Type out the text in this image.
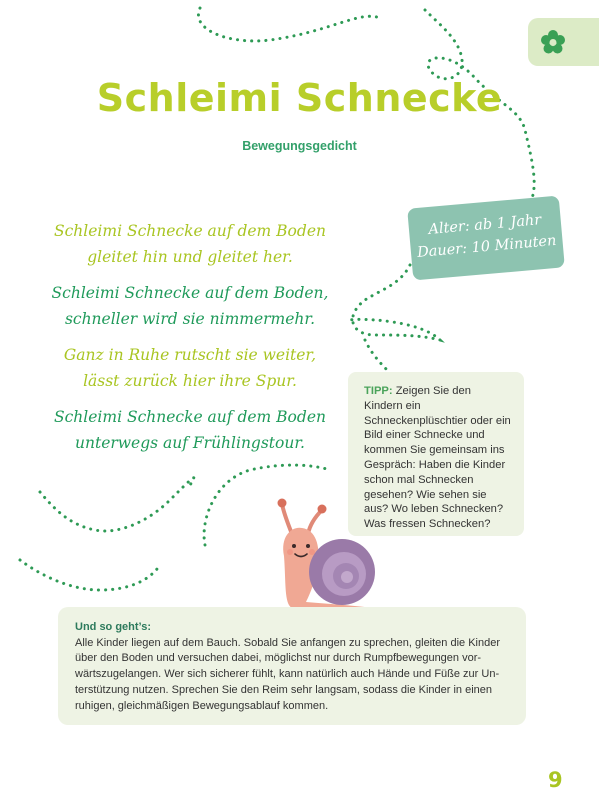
Schleimi Schnecke
Bewegungsgedicht
Schleimi Schnecke auf dem Boden
gleitet hin und gleitet her.
Schleimi Schnecke auf dem Boden,
schneller wird sie nimmermehr.
Ganz in Ruhe rutscht sie weiter,
lässt zurück hier ihre Spur.
Schleimi Schnecke auf dem Boden
unterwegs auf Frühlingstour.
Alter: ab 1 Jahr
Dauer: 10 Minuten
TIPP: Zeigen Sie den Kindern ein Schneckenplüschtier oder ein Bild einer Schnecke und kommen Sie gemeinsam ins Gespräch: Haben die Kinder schon mal Schnecken gesehen? Wie sehen sie aus? Wo leben Schnecken? Was fressen Schnecken?
Und so geht’s:
Alle Kinder liegen auf dem Bauch. Sobald Sie anfangen zu sprechen, gleiten die Kinder über den Boden und versuchen dabei, möglichst nur durch Rumpfbewegungen vor-wärtszugelangen. Wer sich sicherer fühlt, kann natürlich auch Hände und Füße zur Un-terstützung nutzen. Sprechen Sie den Reim sehr langsam, sodass die Kinder in einen ruhigen, gleichmäßigen Bewegungsablauf kommen.
9
